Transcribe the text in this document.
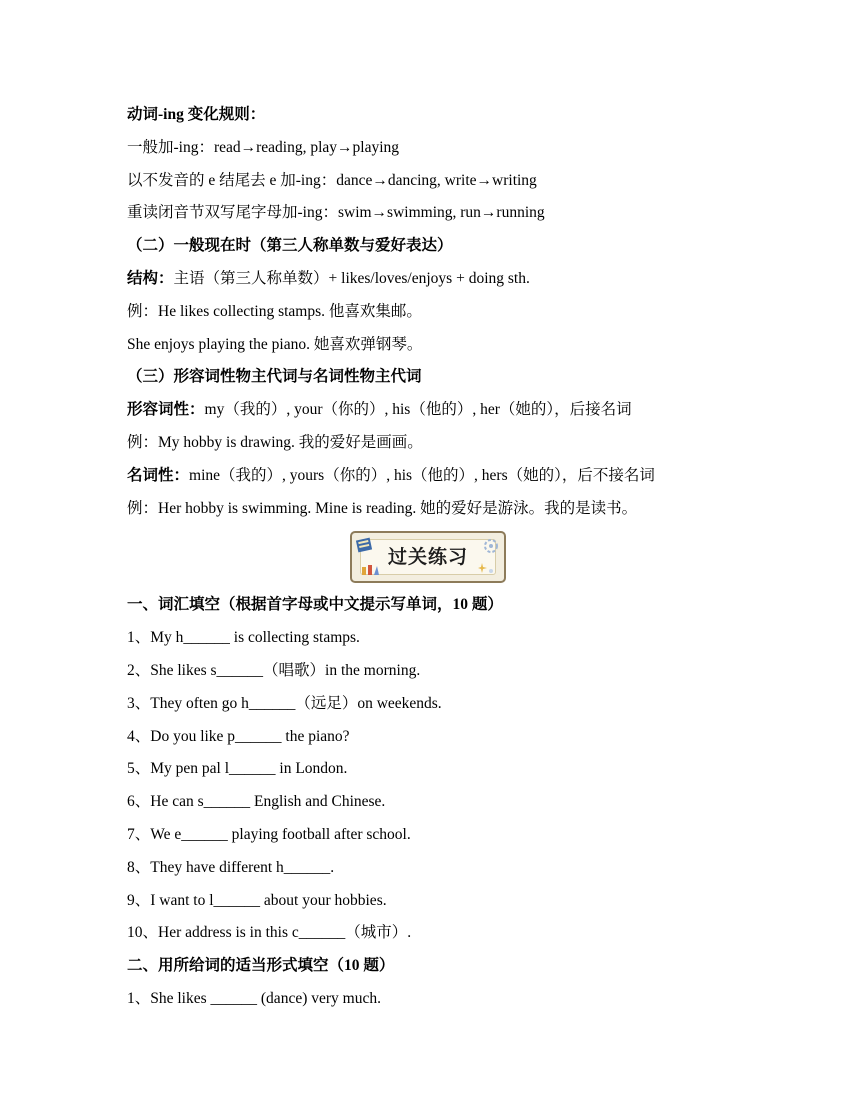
动词-ing 变化规则：
一般加-ing：read→reading, play→playing
以不发音的 e 结尾去 e 加-ing：dance→dancing, write→writing
重读闭音节双写尾字母加-ing：swim→swimming, run→running
（二）一般现在时（第三人称单数与爱好表达）
结构：主语（第三人称单数）+ likes/loves/enjoys + doing sth.
例：He likes collecting stamps. 他喜欢集邮。
She enjoys playing the piano. 她喜欢弹钢琴。
（三）形容词性物主代词与名词性物主代词
形容词性：my（我的）, your（你的）, his（他的）, her（她的），后接名词
例：My hobby is drawing. 我的爱好是画画。
名词性：mine（我的）, yours（你的）, his（他的）, hers（她的），后不接名词
例：Her hobby is swimming. Mine is reading. 她的爱好是游泳。我的是读书。
过关练习
一、词汇填空（根据首字母或中文提示写单词，10 题）
1、My h______ is collecting stamps.
2、She likes s______（唱歌）in the morning.
3、They often go h______（远足）on weekends.
4、Do you like p______ the piano?
5、My pen pal l______ in London.
6、He can s______ English and Chinese.
7、We e______ playing football after school.
8、They have different h______.
9、I want to l______ about your hobbies.
10、Her address is in this c______（城市）.
二、用所给词的适当形式填空（10 题）
1、She likes ______ (dance) very much.
